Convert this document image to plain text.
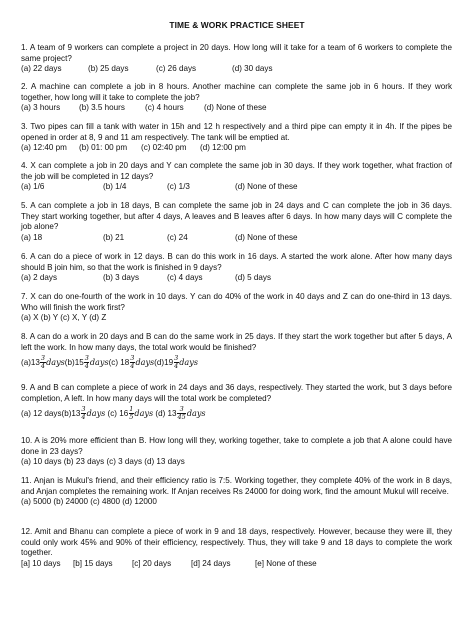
TIME & WORK PRACTICE SHEET
1. A team of 9 workers can complete a project in 20 days. How long will it take for a team of 6 workers to complete the same project?
(a) 22 days	(b) 25 days	(c) 26 days	(d) 30 days
2. A machine can complete a job in 8 hours. Another machine can complete the same job in 6 hours. If they work together, how long will it take to complete the job?
(a) 3 hours (b) 3.5 hours (c) 4 hours	(d) None of these
3. Two pipes can fill a tank with water in 15h and 12 h respectively and a third pipe can empty it in 4h. If the pipes be opened in order at 8, 9 and 11 am respectively. The tank will be emptied at.
(a) 12:40 pm (b) 01: 00 pm (c) 02:40 pm (d) 12:00 pm
4. X can complete a job in 20 days and Y can complete the same job in 30 days. If they work together, what fraction of the job will be completed in 12 days?
(a) 1/6	(b) 1/4	(c) 1/3	(d) None of these
5. A can complete a job in 18 days, B can complete the same job in 24 days and C can complete the job in 36 days. They start working together, but after 4 days, A leaves and B leaves after 6 days. In how many days will C complete the job alone?
(a) 18	(b) 21	(c) 24	(d) None of these
6. A can do a piece of work in 12 days. B can do this work in 16 days. A started the work alone. After how many days should B join him, so that the work is finished in 9 days?
(a) 2 days	(b) 3 days	(c) 4 days	(d) 5 days
7. X can do one-fourth of the work in 10 days. Y can do 40% of the work in 40 days and Z can do one-third in 13 days. Who will finish the work first?
(a) X (b) Y (c) X, Y (d) Z
8. A can do a work in 20 days and B can do the same work in 25 days. If they start the work together but after 5 days, A left the work. In how many days, the total work would be finished?
$(a)13 \frac{3}{4}$ days(b)15 $\frac{3}{4}$ days(c) $18 \frac{3}{4}$ days(d)19 $\frac{3}{4}$ days
9. A and B can complete a piece of work in 24 days and 36 days, respectively. They started the work, but 3 days before completion, A left. In how many days will the total work be completed?
(a) 12 days(b)13 $\frac{3}{4}$ days (c) $16 \frac{1}{5}$ days (d) $13 \frac{3}{45}$ days
10. A is 20% more efficient than B. How long will they, working together, take to complete a job that A alone could have done in 23 days?
(a) 10 days (b) 23 days (c) 3 days (d) 13 days
11. Anjan is Mukul's friend, and their efficiency ratio is 7:5. Working together, they complete 40% of the work in 8 days, and Anjan completes the remaining work. If Anjan receives Rs 24000 for doing work, find the amount Mukul will receive.
(a) 5000 (b) 24000 (c) 4800 (d) 12000
12. Amit and Bhanu can complete a piece of work in 9 and 18 days, respectively. However, because they were ill, they could only work 45% and 90% of their efficiency, respectively. Thus, they will take 9 and 18 days to complete the work together.
[a] 10 days [b] 15 days [c] 20 days [d] 24 days	[e] None of these
